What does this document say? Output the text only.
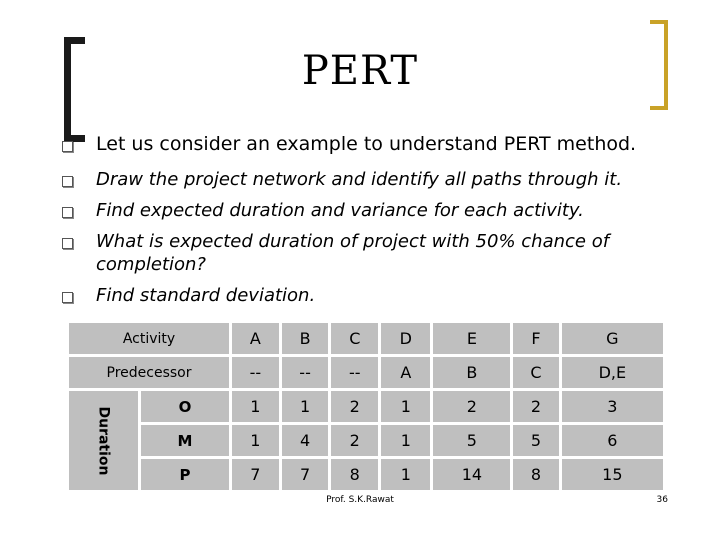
PERT
Let us consider an example to understand PERT method.
Draw the project network and identify all paths through it.
Find expected duration and variance for each activity.
What is expected duration of project with 50% chance of completion?
Find standard deviation.
Activity		A	B	C	D	E	F	G
Predecessor		--	--	--	A	B	C	D,E
Duration	O	1	1	2	1	2	2	3
	M	1	4	2	1	5	5	6
	P	7	7	8	1	14	8	15
Prof. S.K.Rawat	36
